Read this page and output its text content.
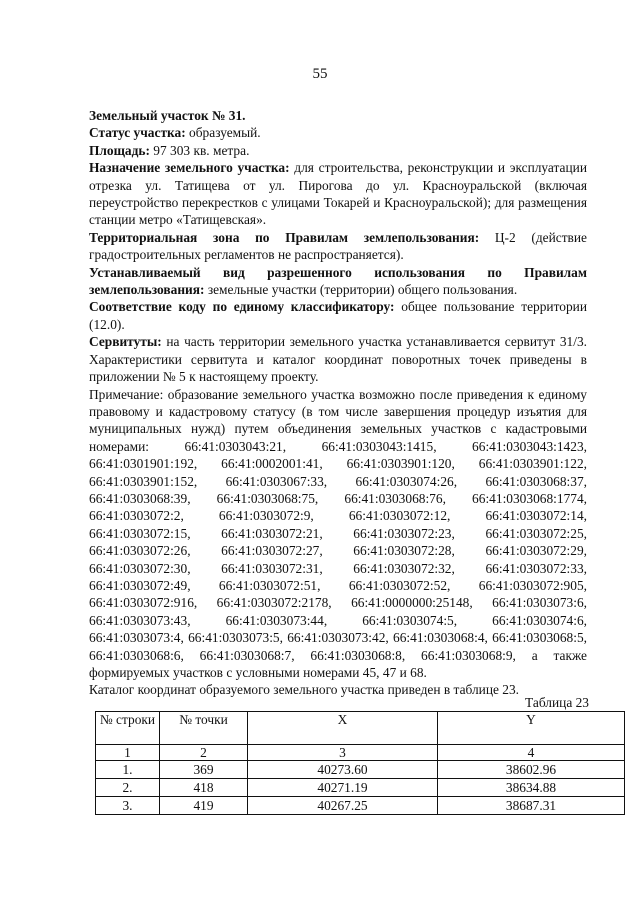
55

Земельный участок № 31.

Статус участка: образуемый.

Площадь: 97 303 кв. метра.

Назначение земельного участка: для строительства, реконструкции и эксплуатации отрезка ул. Татищева от ул. Пирогова до ул. Красноуральской (включая переустройство перекрестков с улицами Токарей и Красноуральской); для размещения станции метро «Татищевская».

Территориальная зона по Правилам землепользования: Ц-2 (действие градостроительных регламентов не распространяется).

Устанавливаемый вид разрешенного использования по Правилам землепользования: земельные участки (территории) общего пользования.

Соответствие коду по единому классификатору: общее пользование территории (12.0).

Сервитуты: на часть территории земельного участка устанавливается сервитут 31/3. Характеристики сервитута и каталог координат поворотных точек приведены в приложении № 5 к настоящему проекту.

Примечание: образование земельного участка возможно после приведения к единому правовому и кадастровому статусу (в том числе завершения процедур изъятия для муниципальных нужд) путем объединения земельных участков с кадастровыми номерами: 66:41:0303043:21, 66:41:0303043:1415, 66:41:0303043:1423, 66:41:0301901:192, 66:41:0002001:41, 66:41:0303901:120, 66:41:0303901:122, 66:41:0303901:152, 66:41:0303067:33, 66:41:0303074:26, 66:41:0303068:37, 66:41:0303068:39, 66:41:0303068:75, 66:41:0303068:76, 66:41:0303068:1774, 66:41:0303072:2, 66:41:0303072:9, 66:41:0303072:12, 66:41:0303072:14, 66:41:0303072:15, 66:41:0303072:21, 66:41:0303072:23, 66:41:0303072:25, 66:41:0303072:26, 66:41:0303072:27, 66:41:0303072:28, 66:41:0303072:29, 66:41:0303072:30, 66:41:0303072:31, 66:41:0303072:32, 66:41:0303072:33, 66:41:0303072:49, 66:41:0303072:51, 66:41:0303072:52, 66:41:0303072:905, 66:41:0303072:916, 66:41:0303072:2178, 66:41:0000000:25148, 66:41:0303073:6, 66:41:0303073:43, 66:41:0303073:44, 66:41:0303074:5, 66:41:0303074:6, 66:41:0303073:4, 66:41:0303073:5, 66:41:0303073:42, 66:41:0303068:4, 66:41:0303068:5, 66:41:0303068:6, 66:41:0303068:7, 66:41:0303068:8, 66:41:0303068:9, а также формируемых участков с условными номерами 45, 47 и 68.

Каталог координат образуемого земельного участка приведен в таблице 23.

Таблица 23
№ строки	№ точки	X	Y
1	2	3	4
1.	369	40273.60	38602.96
2.	418	40271.19	38634.88
3.	419	40267.25	38687.31
